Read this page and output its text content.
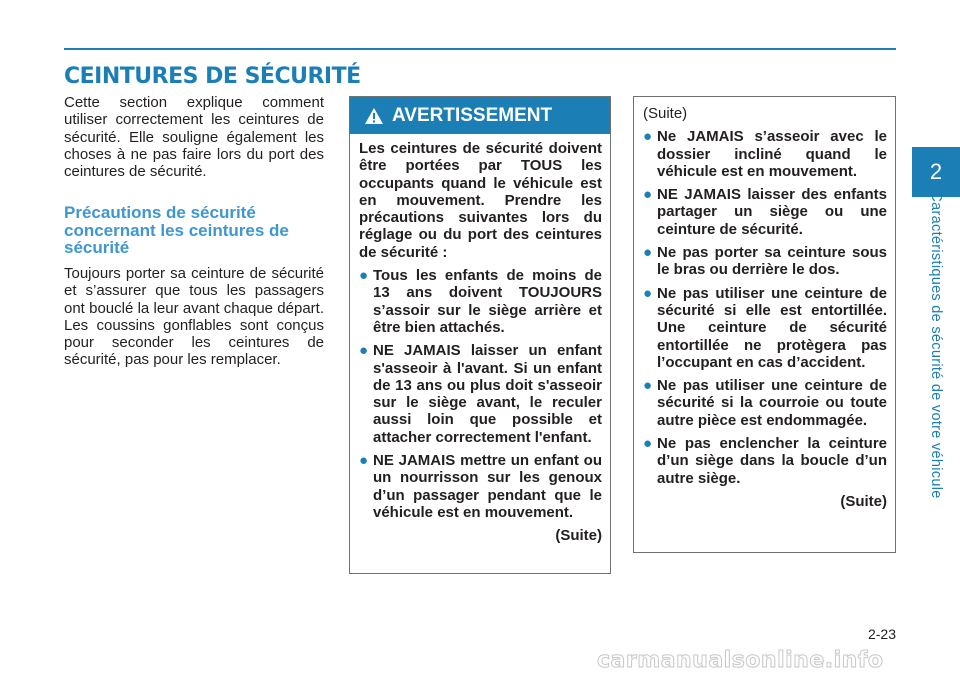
CEINTURES DE SÉCURITÉ

Cette section explique comment utiliser correctement les ceintures de sécurité. Elle souligne également les choses à ne pas faire lors du port des ceintures de sécurité.

Précautions de sécurité concernant les ceintures de sécurité

Toujours porter sa ceinture de sécurité et s’assurer que tous les passagers ont bouclé la leur avant chaque départ. Les coussins gonflables sont conçus pour seconder les ceintures de sécurité, pas pour les remplacer.

AVERTISSEMENT

Les ceintures de sécurité doivent être portées par TOUS les occupants quand le véhicule est en mouvement. Prendre les précautions suivantes lors du réglage ou du port des ceintures de sécurité :

● Tous les enfants de moins de 13 ans doivent TOUJOURS s’assoir sur le siège arrière et être bien attachés.
● NE JAMAIS laisser un enfant s'asseoir à l'avant. Si un enfant de 13 ans ou plus doit s'asseoir sur le siège avant, le reculer aussi loin que possible et attacher correctement l'enfant.
● NE JAMAIS mettre un enfant ou un nourrisson sur les genoux d’un passager pendant que le véhicule est en mouvement.

(Suite)

(Suite)

● Ne JAMAIS s’asseoir avec le dossier incliné quand le véhicule est en mouvement.
● NE JAMAIS laisser des enfants partager un siège ou une ceinture de sécurité.
● Ne pas porter sa ceinture sous le bras ou derrière le dos.
● Ne pas utiliser une ceinture de sécurité si elle est entortillée. Une ceinture de sécurité entortillée ne protègera pas l’occupant en cas d’accident.
● Ne pas utiliser une ceinture de sécurité si la courroie ou toute autre pièce est endommagée.
● Ne pas enclencher la ceinture d’un siège dans la boucle d’un autre siège.

(Suite)

2
Caractéristiques de sécurité de votre véhicule
2-23
carmanualsonline.info
